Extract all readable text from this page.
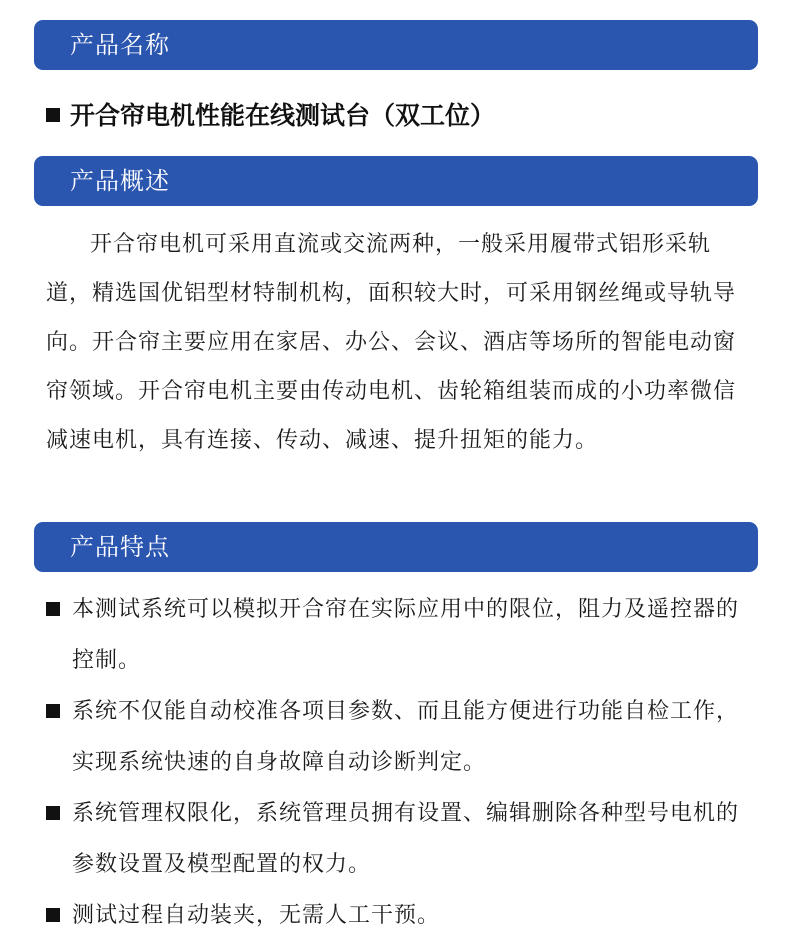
产品名称
开合帘电机性能在线测试台（双工位）
产品概述

开合帘电机可采用直流或交流两种，一般采用履带式铝形采轨道，精选国优铝型材特制机构，面积较大时，可采用钢丝绳或导轨导向。开合帘主要应用在家居、办公、会议、酒店等场所的智能电动窗帘领域。开合帘电机主要由传动电机、齿轮箱组装而成的小功率微信减速电机，具有连接、传动、减速、提升扭矩的能力。

产品特点
本测试系统可以模拟开合帘在实际应用中的限位，阻力及遥控器的控制。
系统不仅能自动校准各项目参数、而且能方便进行功能自检工作，实现系统快速的自身故障自动诊断判定。
系统管理权限化，系统管理员拥有设置、编辑删除各种型号电机的参数设置及模型配置的权力。
测试过程自动装夹，无需人工干预。
